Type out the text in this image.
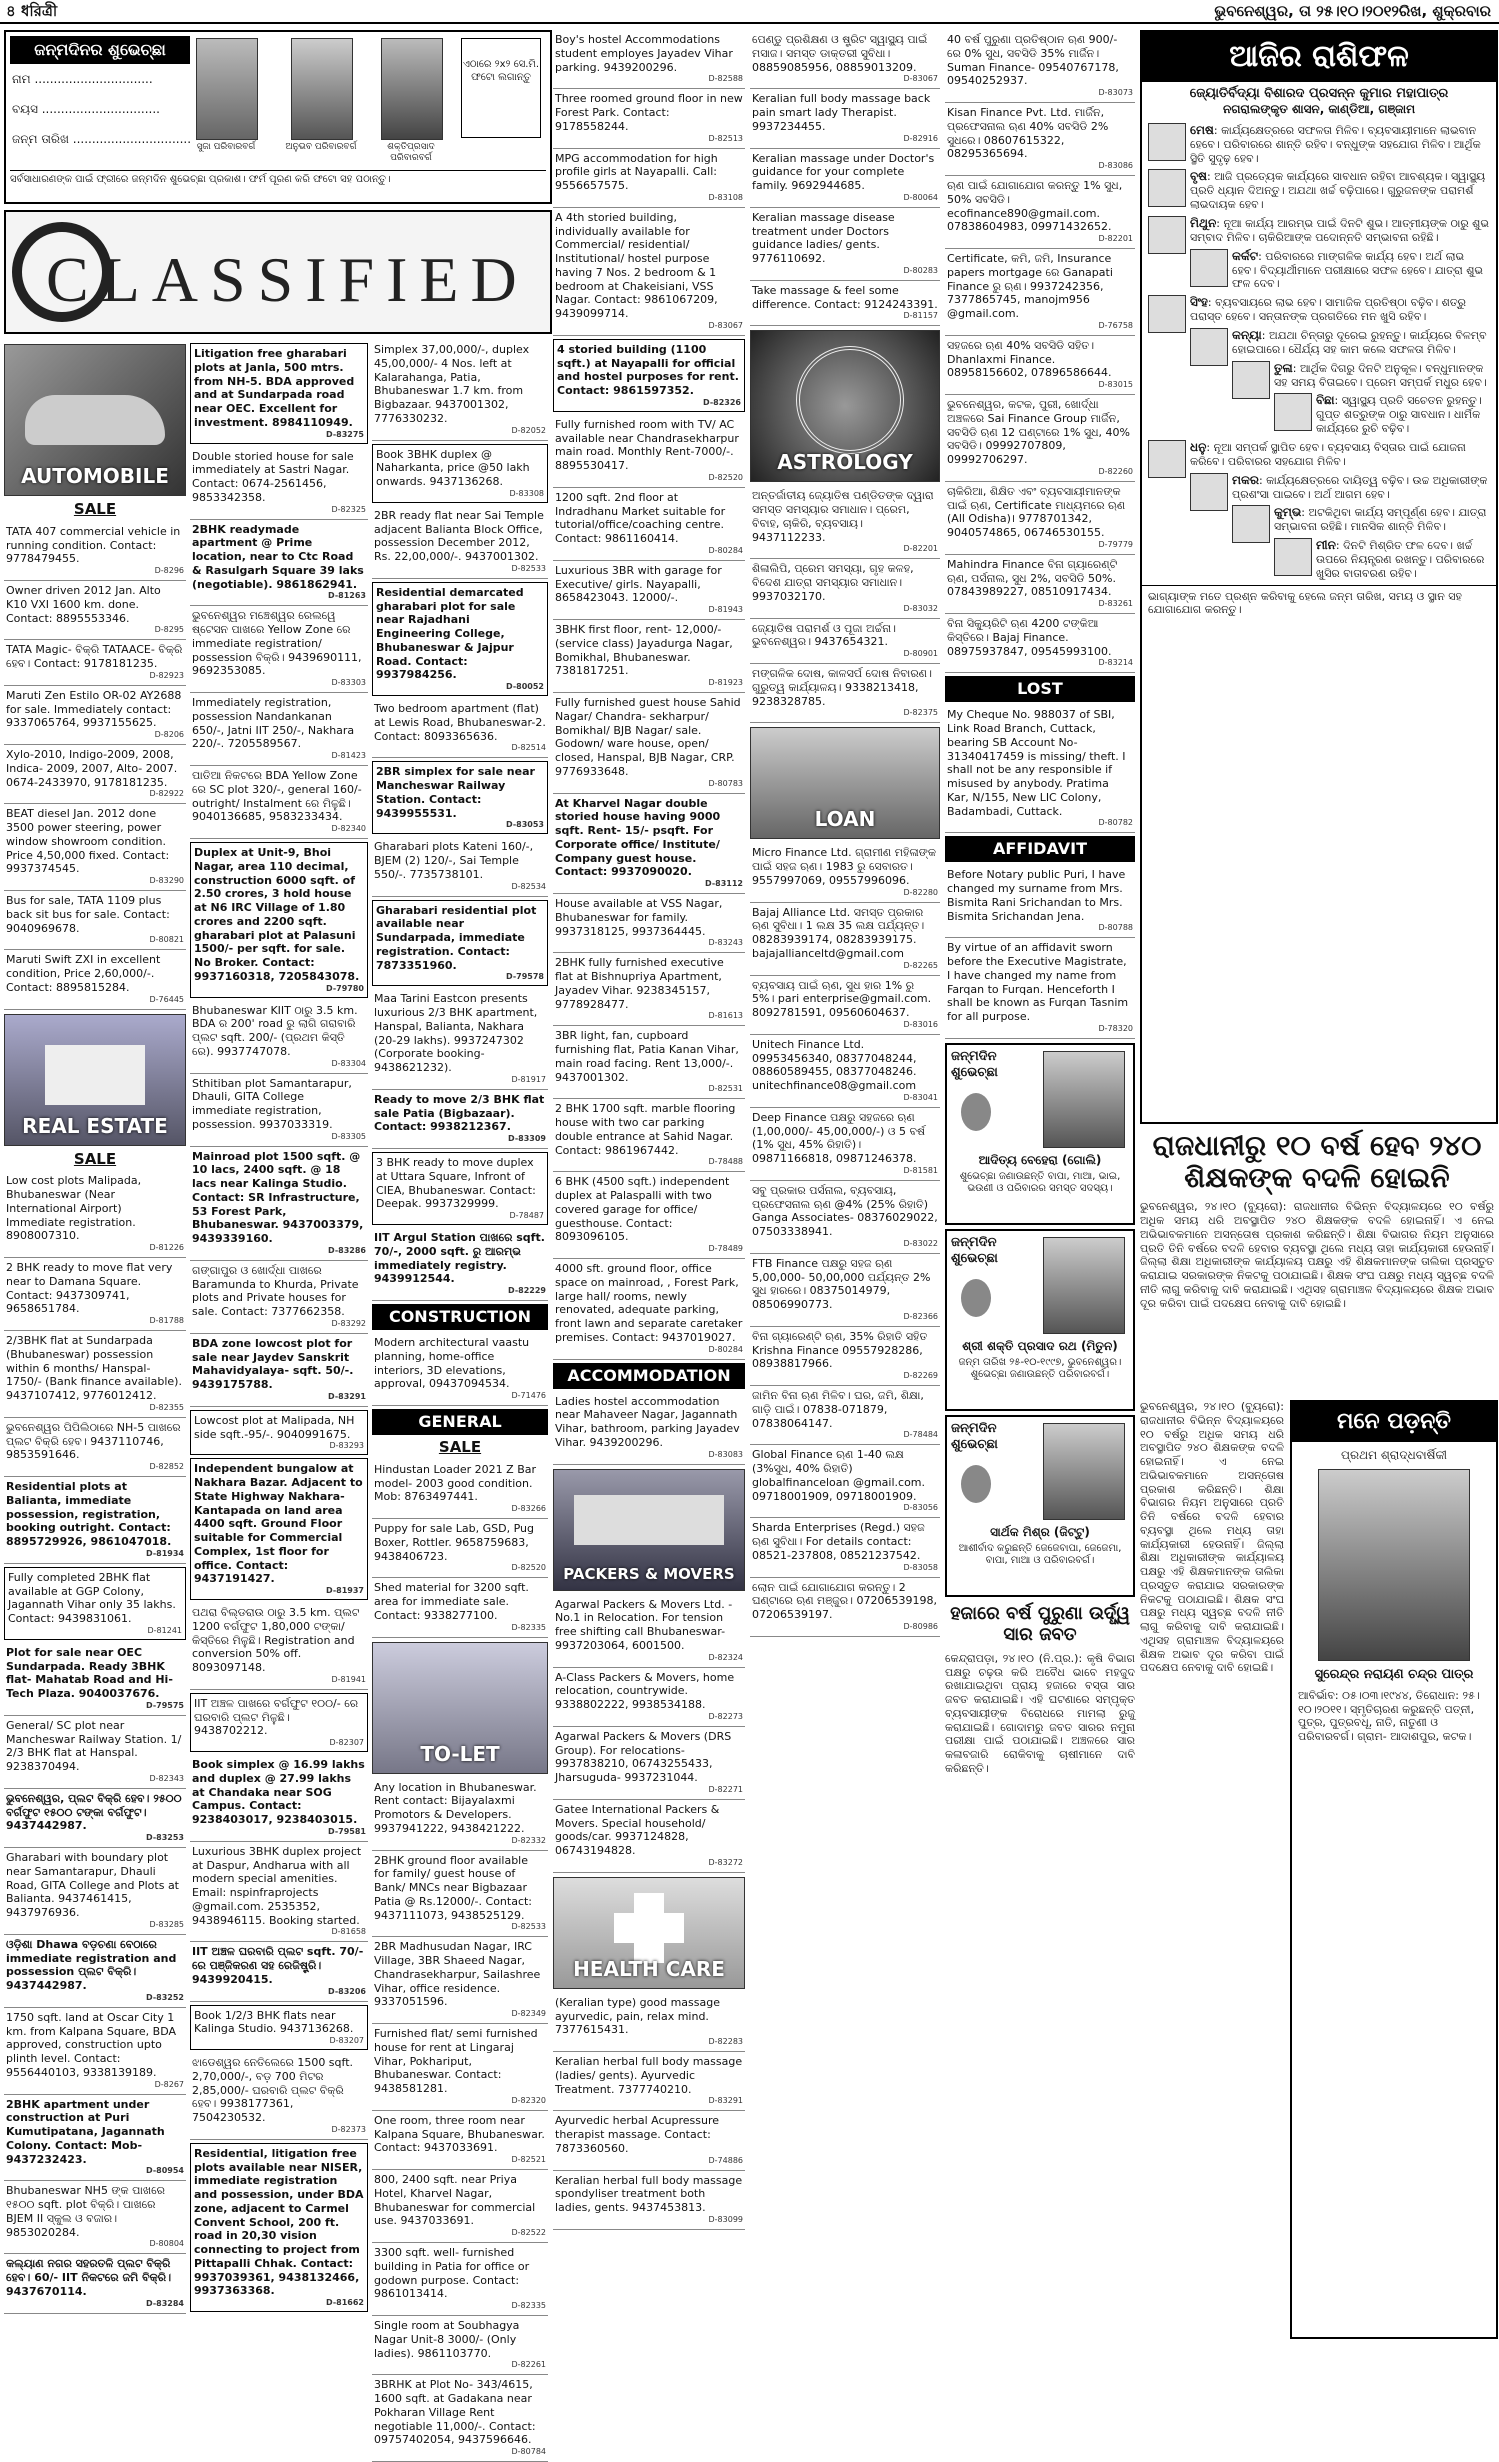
৪ ধরিত্রী	ଭୁବନେଶ୍ୱର, ତା ୨୫।୧୦।୨୦୧୨ରିଖ, ଶୁକ୍ରବାର
ଜନ୍ମଦିନର ଶୁଭେଚ୍ଛା
ନାମ ...............................
ବୟସ ...............................
ଜନ୍ମ ତାରିଖ ...............................
ସୁଜା ପରିବାରବର୍ଗ	ଅନୁଭବ ପରିବାରବର୍ଗ	ଶକ୍ତିପ୍ରସାଦ ପରିବାରବର୍ଗ
ଏଠାରେ ୨x୨ ସେ.ମି. ଫଟୋ ଲଗାନ୍ତୁ
ସର୍ବସାଧାରଣଙ୍କ ପାଇଁ ଫ୍ରୀରେ ଜନ୍ମଦିନ ଶୁଭେଚ୍ଛା ପ୍ରକାଶ। ଫର୍ମ ପୂରଣ କରି ଫଟୋ ସହ ପଠାନ୍ତୁ।
CLASSIFIED
AUTOMOBILE
SALE
TATA 407 commercial vehicle in running condition. Contact: 9778479455.
D-8296
Owner driven 2012 Jan. Alto K10 VXI 1600 km. done. Contact: 8895553346.
D-8295
TATA Magic- ବିକ୍ରି TATAACE- ବିକ୍ରି ହେବ। Contact: 9178181235.
D-82923
Maruti Zen Estilo OR-02 AY2688 for sale. Immediately contact: 9337065764, 9937155625.
D-8206
Xylo-2010, Indigo-2009, 2008, Indica- 2009, 2007, Alto- 2007. 0674-2433970, 9178181235.
D-82922
BEAT diesel Jan. 2012 done 3500 power steering, power window showroom condition. Price 4,50,000 fixed. Contact: 9937374545.
D-83290
Bus for sale, TATA 1109 plus back sit bus for sale. Contact: 9040969678.
D-80821
Maruti Swift ZXI in excellent condition, Price 2,60,000/-. Contact: 8895815284.
D-76445
REAL ESTATE
SALE
Low cost plots Malipada, Bhubaneswar (Near International Airport) Immediate registration. 8908007310.
D-81226
2 BHK ready to move flat very near to Damana Square. Contact: 9437309741, 9658651784.
D-81788
2/3BHK flat at Sundarpada (Bhubaneswar) possession within 6 months/ Hanspal- 1750/- (Bank finance available). 9437107412, 9776012412.
D-82355
ଭୁବନେଶ୍ୱର ପିପିଲିଠାରେ NH-5 ପାଖରେ ପ୍ଲଟ ବିକ୍ରି ହେବ। 9437110746, 9853591646.
D-82852
Residential plots at Balianta, immediate possession, registration, booking outright. Contact: 8895729926, 9861047018.
D-81934
Fully completed 2BHK flat available at GGP Colony, Jagannath Vihar only 35 lakhs. Contact: 9439831061.
D-81241
Plot for sale near OEC Sundarpada. Ready 3BHK flat- Mahatab Road and Hi-Tech Plaza. 9040037676.
D-79575
General/ SC plot near Mancheswar Railway Station. 1/ 2/3 BHK flat at Hanspal. 9238370494.
D-82343
ଭୁବନେଶ୍ୱର, ପ୍ଲଟ ବିକ୍ରି ହେବ। ୨୫୦୦ ବର୍ଗଫୁଟ ୧୫୦୦ ଟଙ୍କା ବର୍ଗଫୁଟ। 9437442987.
D-83253
Gharabari with boundary plot near Samantarapur, Dhauli Road, GITA College and Plots at Balianta. 9437461415, 9437976936.
D-83285
ଓଡ଼ିଶା Dhawa ବଡ଼ଚଣା ବେଠାରେ immediate registration and possession ପ୍ଲଟ ବିକ୍ରି। 9437442987.
D-83252
1750 sqft. land at Oscar City 1 km. from Kalpana Square, BDA approved, construction upto plinth level. Contact: 9556440103, 9338139189.
D-8267
2BHK apartment under construction at Puri Kumutipatana, Jagannath Colony. Contact: Mob- 9437232423.
D-80954
Bhubaneswar NH5 ଙ୍କ ପାଖରେ ୧୫୦୦ sqft. plot ବିକ୍ରି। ପାଖରେ BJEM II ସ୍କୁଲ ଓ ବଜାର। 9853020284.
D-80804
କଲ୍ୟାଣ ନଗର ସହରତଳି ପ୍ଲଟ ବିକ୍ରି ହେବ। 60/- IIT ନିକଟରେ ଜମି ବିକ୍ରି। 9437670114.
D-83284
Litigation free gharabari plots at Janla, 500 mtrs. from NH-5. BDA approved and at Sundarpada road near OEC. Excellent for investment. 8984110949.
D-83275
Double storied house for sale immediately at Sastri Nagar. Contact: 0674-2561456, 9853342358.
D-82325
2BHK readymade apartment @ Prime location, near to Ctc Road & Rasulgarh Square 39 laks (negotiable). 9861862941.
D-81263
ଭୁବନେଶ୍ୱର ମଞ୍ଚେଶ୍ୱର ରେଲୱେ ଷ୍ଟେସନ ପାଖରେ Yellow Zone ରେ immediate registration/ possession ବିକ୍ରି। 9439690111, 9692353085.
D-83303
Immediately registration, possession Nandankanan 650/-, Jatni IIT 250/-, Nakhara 220/-. 7205589567.
D-81423
ପାତିଆ ନିକଟରେ BDA Yellow Zone ରେ SC plot 320/-, general 160/- outright/ Instalment ରେ ମିଳୁଛି। 9040136685, 9583233434.
D-82340
Duplex at Unit-9, Bhoi Nagar, area 110 decimal, construction 6000 sqft. of 2.50 crores, 3 hold house at N6 IRC Village of 1.80 crores and 2200 sqft. gharabari plot at Palasuni 1500/- per sqft. for sale. No Broker. Contact: 9937160318, 7205843078.
D-79780
Bhubaneswar KIIT ଠାରୁ 3.5 km. BDA ର 200' road ରୁ ଲାଗି ଗରାବାରି ପ୍ଲଟ sqft. 200/- (ପ୍ରଥମ କିସ୍ତି ରେ). 9937747078.
D-83304
Sthitiban plot Samantarapur, Dhauli, GITA College immediate registration, possession. 9937033319.
D-83305
Mainroad plot 1500 sqft. @ 10 lacs, 2400 sqft. @ 18 lacs near Kalinga Studio. Contact: SR Infrastructure, 53 Forest Park, Bhubaneswar. 9437003379, 9439339160.
D-83286
ଗଙ୍ଗାପୁର ଓ ଖୋର୍ଦ୍ଧା ପାଖରେ Baramunda to Khurda, Private plots and Private houses for sale. Contact: 7377662358.
D-83292
BDA zone lowcost plot for sale near Jaydev Sanskrit Mahavidyalaya- sqft. 50/-. 9439175788.
D-83291
Lowcost plot at Malipada, NH side sqft.-95/-. 9040991675.
D-83293
Independent bungalow at Nakhara Bazar. Adjacent to State Highway Nakhara-Kantapada on land area 4400 sqft. Ground Floor suitable for Commercial Complex, 1st floor for office. Contact: 9437191427.
D-81937
ପଥରା ବିଲ୍ଡରାଉ ଠାରୁ 3.5 km. ପ୍ଲଟ 1200 ବର୍ଗଫୁଟ 1,80,000 ଟଙ୍କା/ କିସ୍ତିରେ ମିଳୁଛି। Registration and conversion 50% off. 8093097148.
D-81941
IIT ଅଞ୍ଚଳ ପାଖରେ ବର୍ଗଫୁଟ ୧୦୦/- ରେ ଘରବାରି ପ୍ଲଟ ମିଳୁଛି। 9438702212.
D-82307
Book simplex @ 16.99 lakhs and duplex @ 27.99 lakhs at Chandaka near SOG Campus. Contact: 9238403017, 9238403015.
D-79581
Luxurious 3BHK duplex project at Daspur, Andharua with all modern special amenities. Email: nspinfraprojects @gmail.com. 2535352, 9438946115. Booking started.
D-81658
IIT ଅଞ୍ଚଳ ଘରବାରି ପ୍ଲଟ sqft. 70/-ରେ ପଞ୍ଜିକରଣ ସହ ରେଜିଷ୍ଟ୍ରି। 9439920415.
D-83206
Book 1/2/3 BHK flats near Kalinga Studio. 9437136268.
D-83207
ଝାଡେଶ୍ୱର ନେତିଲେରେ 1500 sqft. 2,70,000/-, ବଡ଼ 700 ମିଟର 2,85,000/- ଘରବାରି ପ୍ଲଟ ବିକ୍ରି ହେବ। 9938177361, 7504230532.
D-82373
Residential, litigation free plots available near NISER, immediate registration and possession, under BDA zone, adjacent to Carmel Convent School, 200 ft. road in 20,30 vision connecting to project from Pittapalli Chhak. Contact: 9937039361, 9438132466, 9937363368.
D-81662
Simplex 37,00,000/-, duplex 45,00,000/- 4 Nos. left at Kalarahanga, Patia, Bhubaneswar 1.7 km. from Bigbazaar. 9437001302, 7776330232.
D-82052
Book 3BHK duplex @ Naharkanta, price @50 lakh onwards. 9437136268.
D-83308
2BR ready flat near Sai Temple adjacent Balianta Block Office, possession December 2012, Rs. 22,00,000/-. 9437001302.
D-82533
Residential demarcated gharabari plot for sale near Rajadhani Engineering College, Bhubaneswar & Jajpur Road. Contact: 9937984256.
D-80052
Two bedroom apartment (flat) at Lewis Road, Bhubaneswar-2. Contact: 8093365636.
D-82514
2BR simplex for sale near Mancheswar Railway Station. Contact: 9439955531.
D-83053
Gharabari plots Kateni 160/-, BJEM (2) 120/-, Sai Temple 550/-. 7735738101.
D-82534
Gharabari residential plot available near Sundarpada, immediate registration. Contact: 7873351960.
D-79578
Maa Tarini Eastcon presents luxurious 2/3 BHK apartment, Hanspal, Balianta, Nakhara (20-29 lakhs). 9937247302 (Corporate booking- 9438621232).
D-81917
Ready to move 2/3 BHK flat sale Patia (Bigbazaar). Contact: 9938212367.
D-83309
3 BHK ready to move duplex at Uttara Square, Infront of CIEA, Bhubaneswar. Contact: Deepak. 9937329999.
D-78487
IIT Argul Station ପାଖରେ sqft. 70/-, 2000 sqft. ରୁ ଆରମ୍ଭ immediately registry. 9439912544.
D-82229
CONSTRUCTION
Modern architectural vaastu planning, home-office interiors, 3D elevations, approval, 09437094534.
D-71476
GENERAL
SALE
Hindustan Loader 2021 Z Bar model- 2003 good condition. Mob: 8763497441.
D-83266
Puppy for sale Lab, GSD, Pug Boxer, Rottler. 9658759683, 9438406723.
D-82520
Shed material for 3200 sqft. area for immediate sale. Contact: 9338277100.
D-82335
TO-LET
Any location in Bhubaneswar. Rent contact: Bijayalaxmi Promotors & Developers. 9937941222, 9438421222.
D-82332
2BHK ground floor available for family/ guest house of Bank/ MNCs near Bigbazaar Patia @ Rs.12000/-. Contact: 9437111073, 9438525129.
D-82533
2BR Madhusudan Nagar, IRC Village, 3BR Shaeed Nagar, Chandrasekharpur, Sailashree Vihar, office residence. 9337051596.
D-82349
Furnished flat/ semi furnished house for rent at Lingaraj Vihar, Pokhariput, Bhubaneswar. Contact: 9438581281.
D-82320
One room, three room near Kalpana Square, Bhubaneswar. Contact: 9437033691.
D-82521
800, 2400 sqft. near Priya Hotel, Kharvel Nagar, Bhubaneswar for commercial use. 9437033691.
D-82522
3300 sqft. well- furnished building in Patia for office or godown purpose. Contact: 9861013414.
D-82335
Single room at Soubhagya Nagar Unit-8 3000/- (Only ladies). 9861103770.
D-82261
3BRHK at Plot No- 343/4615, 1600 sqft. at Gadakana near Pokharan Village Rent negotiable 11,000/-. Contact: 09757402054, 9437596646.
D-80784
Boy's hostel Accommodations student employes Jayadev Vihar parking. 9439200296.
D-82588
Three roomed ground floor in new Forest Park. Contact: 9178558244.
D-82513
MPG accommodation for high profile girls at Nayapalli. Call: 9556657575.
D-83108
A 4th storied building, individually available for Commercial/ residential/ Institutional/ hostel purpose having 7 Nos. 2 bedroom & 1 bedroom at Chakeisiani, VSS Nagar. Contact: 9861067209, 9439099714.
D-83067
4 storied building (1100 sqft.) at Nayapalli for official and hostel purposes for rent. Contact: 9861597352.
D-82326
Fully furnished room with TV/ AC available near Chandrasekharpur main road. Monthly Rent-7000/-. 8895530417.
D-82520
1200 sqft. 2nd floor at Indradhanu Market suitable for tutorial/office/coaching centre. Contact: 9861160414.
D-80284
Luxurious 3BR with garage for Executive/ girls. Nayapalli, 8658423043. 12000/-.
D-81943
3BHK first floor, rent- 12,000/- (service class) Jayadurga Nagar, Bomikhal, Bhubaneswar. 7381817251.
D-81923
Fully furnished guest house Sahid Nagar/ Chandra- sekharpur/ Bomikhal/ BJB Nagar/ sale. Godown/ ware house, open/ closed, Hanspal, BJB Nagar, CRP. 9776933648.
D-80783
At Kharvel Nagar double storied house having 9000 sqft. Rent- 15/- psqft. For Corporate office/ Institute/ Company guest house. Contact: 9937090020.
D-83112
House available at VSS Nagar, Bhubaneswar for family. 9937318125, 9937364445.
D-83243
2BHK fully furnished executive flat at Bishnupriya Apartment, Jayadev Vihar. 9238345157, 9778928477.
D-81613
3BR light, fan, cupboard furnishing flat, Patia Kanan Vihar, main road facing. Rent 13,000/-. 9437001302.
D-82531
2 BHK 1700 sqft. marble flooring house with two car parking double entrance at Sahid Nagar. Contact: 9861967442.
D-78488
6 BHK (4500 sqft.) independent duplex at Palaspalli with two covered garage for office/ guesthouse. Contact: 8093096105.
D-78489
4000 sft. ground floor, office space on mainroad, , Forest Park, large hall/ rooms, newly renovated, adequate parking, front lawn and separate caretaker premises. Contact: 9437019027.
D-80284
ACCOMMODATION
Ladies hostel accommodation near Mahaveer Nagar, Jagannath Vihar, bathroom, parking Jayadev Vihar. 9439200296.
D-83083
PACKERS & MOVERS
Agarwal Packers & Movers Ltd. - No.1 in Relocation. For tension free shifting call Bhubaneswar- 9937203064, 6001500.
D-82324
A-Class Packers & Movers, home relocation, countrywide. 9338802222, 9938534188.
D-82273
Agarwal Packers & Movers (DRS Group). For relocations- 9937838210, 06743255433, Jharsuguda- 9937231044.
D-82271
Gatee International Packers & Movers. Special household/ goods/car. 9937124828, 06743194828.
D-83272
HEALTH CARE
(Keralian type) good massage ayurvedic, pain, relax mind. 7377615431.
D-82283
Keralian herbal full body massage (ladies/ gents). Ayurvedic Treatment. 7377740210.
D-83291
Ayurvedic herbal Acupressure therapist massage. Contact: 7873360560.
D-74886
Keralian herbal full body massage spondyliser treatment both ladies, gents. 9437453813.
D-83099
ପେଣ୍ଡୁ ପ୍ରଶିକ୍ଷଣ ଓ ଷ୍ଟ୍ରିଟ ସ୍ୱାସ୍ଥ୍ୟ ପାଇଁ ମସାଜ। ସମସ୍ତ ଡାକ୍ତରୀ ସୁବିଧା। 08859085956, 08859013209.
D-83067
Keralian full body massage back pain smart lady Therapist. 9937234455.
D-82916
Keralian massage under Doctor's guidance for your complete family. 9692944685.
D-80064
Keralian massage disease treatment under Doctors guidance ladies/ gents. 9776110692.
D-80283
Take massage & feel some difference. Contact: 9124243391.
D-81157
ASTROLOGY
ଅନ୍ତର୍ଜାତୀୟ ଜ୍ୟୋତିଷ ପଣ୍ଡିତଙ୍କ ଦ୍ୱାରା ସମସ୍ତ ସମସ୍ୟାର ସମାଧାନ। ପ୍ରେମ, ବିବାହ, ଚାକିରି, ବ୍ୟବସାୟ। 9437112233.
D-82201
ଶିଳାଲିପି, ପ୍ରେମ ସମସ୍ୟା, ଗୃହ କଳହ, ବିଦେଶ ଯାତ୍ରା ସମସ୍ୟାର ସମାଧାନ। 9937032170.
D-83032
ଜ୍ୟୋତିଷ ପରାମର୍ଶ ଓ ପୂଜା ଅର୍ଚ୍ଚନା। ଭୁବନେଶ୍ୱର। 9437654321.
D-80901
ମଙ୍ଗଳିକ ଦୋଷ, କାଳସର୍ପ ଦୋଷ ନିବାରଣ। ଗୁରୁତ୍ୱ କାର୍ଯ୍ୟାଳୟ। 9338213418, 9238328785.
D-82375
LOAN
Micro Finance Ltd. ଗ୍ରାମୀଣ ମହିଳାଙ୍କ ପାଇଁ ସହଜ ଋଣ। 1983 ରୁ ସେବାରତ। 9557997069, 09557996096.
D-82280
Bajaj Alliance Ltd. ସମସ୍ତ ପ୍ରକାର ଋଣ ସୁବିଧା। 1 ଲକ୍ଷ 35 ଲକ୍ଷ ପର୍ଯ୍ୟନ୍ତ। 08283939174, 08283939175. bajajallianceltd@gmail.com
D-82265
ବ୍ୟବସାୟ ପାଇଁ ଋଣ, ସୁଧ ହାର 1% ରୁ 5%। pari enterprise@gmail.com. 8092781591, 09560604637.
D-83016
Unitech Finance Ltd. 09953456340, 08377048244, 08860589455, 08377048246. unitechfinance08@gmail.com
D-83041
Deep Finance ପକ୍ଷରୁ ସହଜରେ ଋଣ (1,00,000/- 45,00,000/-) ଓ 5 ବର୍ଷ (1% ସୁଧ, 45% ରିହାତି)। 09871166818, 09871246378.
D-81581
ସବୁ ପ୍ରକାର ପର୍ସନାଲ, ବ୍ୟବସାୟ, ପ୍ରଫେସନାଲ ଋଣ @4% (25% ରିହାତି) Ganga Associates- 08376029022, 07503338941.
D-83022
FTB Finance ପକ୍ଷରୁ ସହଜ ଋଣ 5,00,000- 50,00,000 ପର୍ଯ୍ୟନ୍ତ 2% ସୁଧ ହାରରେ। 08375014979, 08506990773.
D-82366
ବିନା ଗ୍ୟାରେଣ୍ଟି ଋଣ, 35% ରିହାତି ସହିତ Krishna Finance 09557928286, 08938817966.
D-82269
ଜାମିନ ବିନା ଋଣ ମିଳିବ। ଘର, ଜମି, ଶିକ୍ଷା, ଗାଡ଼ି ପାଇଁ। 07838-071879, 07838064147.
D-78484
Global Finance ଋଣ 1-40 ଲକ୍ଷ (3%ସୁଧ, 40% ରିହାତି) globalfinanceloan @gmail.com. 09718001909, 09718001909.
D-83056
Sharda Enterprises (Regd.) ସହଜ ଋଣ ସୁବିଧା। For details contact: 08521-237808, 08521237542.
D-83058
ଲୋନ ପାଇଁ ଯୋଗାଯୋଗ କରନ୍ତୁ। 2 ଘଣ୍ଟାରେ ଋଣ ମଞ୍ଜୁର। 07206539198, 07206539197.
D-80986
40 ବର୍ଷ ପୁରୁଣା ପ୍ରତିଷ୍ଠାନ ଋଣ 900/- ରେ 0% ସୁଧ, ସବସିଡି 35% ମାର୍ଜିନ। Suman Finance- 09540767178, 09540252937.
D-83073
Kisan Finance Pvt. Ltd. ମାର୍ଜିନ, ପ୍ରଫେସନାଲ ଋଣ 40% ସବସିଡି 2% ସୁଧରେ। 08607615322, 08295365694.
D-83086
ଋଣ ପାଇଁ ଯୋଗାଯୋଗ କରନ୍ତୁ 1% ସୁଧ, 50% ସବସିଡି। ecofinance890@gmail.com. 07838604983, 09971432652.
D-82201
Certificate, କମି, ଜମି, Insurance papers mortgage ରେ Ganapati Finance ରୁ ଋଣ। 9937242356, 7377865745, manojm956 @gmail.com.
D-76758
ସହଜରେ ଋଣ 40% ସବସିଡି ସହିତ। Dhanlaxmi Finance. 08958156602, 07896586644.
D-83015
ଭୁବନେଶ୍ୱର, କଟକ, ପୁରୀ, ଖୋର୍ଦ୍ଧା ଅଞ୍ଚଳରେ Sai Finance Group ମାର୍ଜିନ, ସବସିଡି ଋଣ 12 ଘଣ୍ଟାରେ 1% ସୁଧ, 40% ସବସିଡି। 09992707809, 09992706297.
D-82260
ଚାକିରିଆ, ଶିକ୍ଷିତ ଏବଂ ବ୍ୟବସାୟୀମାନଙ୍କ ପାଇଁ ଋଣ, Certificate ମାଧ୍ୟମରେ ଋଣ (All Odisha)। 9778701342, 9040574865, 06746530155.
D-79779
Mahindra Finance ବିନା ଗ୍ୟାରେଣ୍ଟି ଋଣ, ପର୍ସନାଲ, ସୁଧ 2%, ସବସିଡି 50%. 07843989227, 08510917434.
D-83261
ବିନା ସିକ୍ୟୁରିଟି ଋଣ 4200 ଟଙ୍କିଆ କିସ୍ତିରେ। Bajaj Finance. 08975937847, 09545993100.
D-83214
LOST
My Cheque No. 988037 of SBI, Link Road Branch, Cuttack, bearing SB Account No- 31340417459 is missing/ theft. I shall not be any responsible if misused by anybody. Pratima Kar, N/155, New LIC Colony, Badambadi, Cuttack.
D-80782
AFFIDAVIT
Before Notary public Puri, I have changed my surname from Mrs. Bismita Rani Srichandan to Mrs. Bismita Srichandan Jena.
D-80788
By virtue of an affidavit sworn before the Executive Magistrate, I have changed my name from Farqan to Furqan. Henceforth I shall be known as Furqan Tasnim for all purpose.
D-78320
ଜନ୍ମଦିନ ଶୁଭେଚ୍ଛା
ଆଦିତ୍ୟ ବେହେରା (ଗୋଲି)
ଶୁଭେଚ୍ଛା ଜଣାଉଛନ୍ତି ବାପା, ମାଆ, ଭାଇ, ଭଉଣୀ ଓ ପରିବାରର ସମସ୍ତ ସଦସ୍ୟ।
ଜନ୍ମଦିନ ଶୁଭେଚ୍ଛା
ଶ୍ରୀ ଶକ୍ତି ପ୍ରସାଦ ରଥ (ମିତୁନ)
ଜନ୍ମ ତାରିଖ ୨୫-୧୦-୧୯୯୭, ଭୁବନେଶ୍ୱର। ଶୁଭେଚ୍ଛା ଜଣାଉଛନ୍ତି ପରିବାରବର୍ଗ।
ଜନ୍ମଦିନ ଶୁଭେଚ୍ଛା
ସାର୍ଥକ ମିଶ୍ର (ଜିଟ୍ଟୁ)
ଆଶୀର୍ବାଦ କରୁଛନ୍ତି ଜେଜେବାପା, ଜେଜେମା, ବାପା, ମାଆ ଓ ପରିବାରବର୍ଗ।
ହଜାରେ ବର୍ଷ ପୁରୁଣା ଉର୍ଦ୍ଧ୍ୱ ସାର ଜବତ
କେନ୍ଦ୍ରାପଡ଼ା, ୨୪।୧୦ (ନି.ପ୍ର.): କୃଷି ବିଭାଗ ପକ୍ଷରୁ ଚଢ଼ଉ କରି ଅବୈଧ ଭାବେ ମହଜୁଦ ରଖାଯାଇଥିବା ପ୍ରାୟ ହଜାରେ ବସ୍ତା ସାର ଜବତ କରାଯାଇଛି। ଏହି ଘଟଣାରେ ସମ୍ପୃକ୍ତ ବ୍ୟବସାୟୀଙ୍କ ବିରୋଧରେ ମାମଲା ରୁଜୁ କରାଯାଇଛି। ଗୋଦାମରୁ ଜବତ ସାରର ନମୁନା ପରୀକ୍ଷା ପାଇଁ ପଠାଯାଇଛି। ଅଞ୍ଚଳରେ ସାର କଳାବଜାରି ରୋକିବାକୁ ଚାଷୀମାନେ ଦାବି କରିଛନ୍ତି।
ଆଜିର ରାଶିଫଳ
ଜ୍ୟୋତିର୍ବିଦ୍ୟା ବିଶାରଦ ପ୍ରସନ୍ନ କୁମାର ମହାପାତ୍ର
ନଗରାଲଙ୍କୃତ ଶାସନ, କାଣ୍ଡିଆ, ଗଞ୍ଜାମ

ମେଷ: କାର୍ଯ୍ୟକ୍ଷେତ୍ରରେ ସଫଳତା ମିଳିବ। ବ୍ୟବସାୟୀମାନେ ଲାଭବାନ ହେବେ। ପରିବାରରେ ଶାନ୍ତି ରହିବ। ବନ୍ଧୁଙ୍କ ସହଯୋଗ ମିଳିବ। ଆର୍ଥିକ ସ୍ଥିତି ସୁଦୃଢ଼ ହେବ।

ବୃଷ: ଆଜି ପ୍ରତ୍ୟେକ କାର୍ଯ୍ୟରେ ସାବଧାନ ରହିବା ଆବଶ୍ୟକ। ସ୍ୱାସ୍ଥ୍ୟ ପ୍ରତି ଧ୍ୟାନ ଦିଅନ୍ତୁ। ଅଯଥା ଖର୍ଚ୍ଚ ବଢ଼ିପାରେ। ଗୁରୁଜନଙ୍କ ପରାମର୍ଶ ଲାଭଦାୟକ ହେବ।

ମିଥୁନ: ନୂଆ କାର୍ଯ୍ୟ ଆରମ୍ଭ ପାଇଁ ଦିନଟି ଶୁଭ। ଆତ୍ମୀୟଙ୍କ ଠାରୁ ଶୁଭ ସମ୍ବାଦ ମିଳିବ। ଚାକିରିଆଙ୍କ ପଦୋନ୍ନତି ସମ୍ଭାବନା ରହିଛି।

କର୍କଟ: ପରିବାରରେ ମାଙ୍ଗଳିକ କାର୍ଯ୍ୟ ହେବ। ଅର୍ଥ ଲାଭ ହେବ। ବିଦ୍ୟାର୍ଥୀମାନେ ପରୀକ୍ଷାରେ ସଫଳ ହେବେ। ଯାତ୍ରା ଶୁଭ ଫଳ ଦେବ।

ସିଂହ: ବ୍ୟବସାୟରେ ଲାଭ ହେବ। ସାମାଜିକ ପ୍ରତିଷ୍ଠା ବଢ଼ିବ। ଶତ୍ରୁ ପରାସ୍ତ ହେବେ। ସନ୍ତାନଙ୍କ ପ୍ରଗତିରେ ମନ ଖୁସି ରହିବ।

କନ୍ୟା: ଅଯଥା ଚିନ୍ତାରୁ ଦୂରେଇ ରୁହନ୍ତୁ। କାର୍ଯ୍ୟରେ ବିଳମ୍ବ ହୋଇପାରେ। ଧୈର୍ଯ୍ୟ ସହ କାମ କଲେ ସଫଳତା ମିଳିବ।

ତୁଳା: ଆର୍ଥିକ ଦିଗରୁ ଦିନଟି ଅନୁକୂଳ। ବନ୍ଧୁମାନଙ୍କ ସହ ସମୟ ବିତାଇବେ। ପ୍ରେମ ସମ୍ପର୍କ ମଧୁର ହେବ।

ବିଛା: ସ୍ୱାସ୍ଥ୍ୟ ପ୍ରତି ସଚେତନ ରୁହନ୍ତୁ। ଗୁପ୍ତ ଶତ୍ରୁଙ୍କ ଠାରୁ ସାବଧାନ। ଧାର୍ମିକ କାର୍ଯ୍ୟରେ ରୁଚି ବଢ଼ିବ।

ଧନୁ: ନୂଆ ସମ୍ପର୍କ ସ୍ଥାପିତ ହେବ। ବ୍ୟବସାୟ ବିସ୍ତାର ପାଇଁ ଯୋଜନା କରିବେ। ପରିବାରର ସହଯୋଗ ମିଳିବ।

ମକର: କାର୍ଯ୍ୟକ୍ଷେତ୍ରରେ ଦାୟିତ୍ୱ ବଢ଼ିବ। ଉଚ୍ଚ ଅଧିକାରୀଙ୍କ ପ୍ରଶଂସା ପାଇବେ। ଅର୍ଥ ଆଗମ ହେବ।

କୁମ୍ଭ: ଅଟକିଥିବା କାର୍ଯ୍ୟ ସମ୍ପୂର୍ଣ୍ଣ ହେବ। ଯାତ୍ରା ସମ୍ଭାବନା ରହିଛି। ମାନସିକ ଶାନ୍ତି ମିଳିବ।

ମୀନ: ଦିନଟି ମିଶ୍ରିତ ଫଳ ଦେବ। ଖର୍ଚ୍ଚ ଉପରେ ନିୟନ୍ତ୍ରଣ ରଖନ୍ତୁ। ପରିବାରରେ ଖୁସିର ବାତାବରଣ ରହିବ।

ଭାଗ୍ୟାଙ୍କ ମତେ ପ୍ରଶ୍ନ କରିବାକୁ ହେଲେ ଜନ୍ମ ତାରିଖ, ସମୟ ଓ ସ୍ଥାନ ସହ ଯୋଗାଯୋଗ କରନ୍ତୁ।
ରାଜଧାନୀରୁ ୧୦ ବର୍ଷ ହେବ ୨୪୦ ଶିକ୍ଷକଙ୍କ ବଦଳି ହୋଇନି
ଭୁବନେଶ୍ୱର, ୨୪।୧୦ (ବ୍ୟୁରୋ): ରାଜଧାନୀର ବିଭିନ୍ନ ବିଦ୍ୟାଳୟରେ ୧୦ ବର୍ଷରୁ ଅଧିକ ସମୟ ଧରି ଅବସ୍ଥାପିତ ୨୪୦ ଶିକ୍ଷକଙ୍କ ବଦଳି ହୋଇନାହିଁ। ଏ ନେଇ ଅଭିଭାବକମାନେ ଅସନ୍ତୋଷ ପ୍ରକାଶ କରିଛନ୍ତି। ଶିକ୍ଷା ବିଭାଗର ନିୟମ ଅନୁସାରେ ପ୍ରତି ତିନି ବର୍ଷରେ ବଦଳି ହେବାର ବ୍ୟବସ୍ଥା ଥିଲେ ମଧ୍ୟ ତାହା କାର୍ଯ୍ୟକାରୀ ହେଉନାହିଁ। ଜିଲ୍ଲା ଶିକ୍ଷା ଅଧିକାରୀଙ୍କ କାର୍ଯ୍ୟାଳୟ ପକ୍ଷରୁ ଏହି ଶିକ୍ଷକମାନଙ୍କ ତାଲିକା ପ୍ରସ୍ତୁତ କରାଯାଇ ସରକାରଙ୍କ ନିକଟକୁ ପଠାଯାଇଛି। ଶିକ୍ଷକ ସଂଘ ପକ୍ଷରୁ ମଧ୍ୟ ସ୍ୱଚ୍ଛ ବଦଳି ନୀତି ଲାଗୁ କରିବାକୁ ଦାବି କରାଯାଇଛି। ଏଥିସହ ଗ୍ରାମାଞ୍ଚଳ ବିଦ୍ୟାଳୟରେ ଶିକ୍ଷକ ଅଭାବ ଦୂର କରିବା ପାଇଁ ପଦକ୍ଷେପ ନେବାକୁ ଦାବି ହୋଇଛି।
ମନେ ପଡ଼ନ୍ତି
ପ୍ରଥମ ଶ୍ରାଦ୍ଧବାର୍ଷିକୀ
ସୁରେନ୍ଦ୍ର ନରାୟଣ ଚନ୍ଦ୍ର ପାତ୍ର
ଆବିର୍ଭାବ: ୦୫।୦୩।୧୯୪୪, ତିରୋଧାନ: ୨୫।୧୦।୨୦୧୧। ସ୍ମୃତିଚାରଣ କରୁଛନ୍ତି ପତ୍ନୀ, ପୁତ୍ର, ପୁତ୍ରବଧୂ, ନାତି, ନାତୁଣୀ ଓ ପରିବାରବର୍ଗ। ଗ୍ରାମ- ଆଦାଶପୁର, କଟକ।
ଭୁବନେଶ୍ୱର, ୨୪।୧୦ (ବ୍ୟୁରୋ): ରାଜଧାନୀର ବିଭିନ୍ନ ବିଦ୍ୟାଳୟରେ ୧୦ ବର୍ଷରୁ ଅଧିକ ସମୟ ଧରି ଅବସ୍ଥାପିତ ୨୪୦ ଶିକ୍ଷକଙ୍କ ବଦଳି ହୋଇନାହିଁ। ଏ ନେଇ ଅଭିଭାବକମାନେ ଅସନ୍ତୋଷ ପ୍ରକାଶ କରିଛନ୍ତି। ଶିକ୍ଷା ବିଭାଗର ନିୟମ ଅନୁସାରେ ପ୍ରତି ତିନି ବର୍ଷରେ ବଦଳି ହେବାର ବ୍ୟବସ୍ଥା ଥିଲେ ମଧ୍ୟ ତାହା କାର୍ଯ୍ୟକାରୀ ହେଉନାହିଁ। ଜିଲ୍ଲା ଶିକ୍ଷା ଅଧିକାରୀଙ୍କ କାର୍ଯ୍ୟାଳୟ ପକ୍ଷରୁ ଏହି ଶିକ୍ଷକମାନଙ୍କ ତାଲିକା ପ୍ରସ୍ତୁତ କରାଯାଇ ସରକାରଙ୍କ ନିକଟକୁ ପଠାଯାଇଛି। ଶିକ୍ଷକ ସଂଘ ପକ୍ଷରୁ ମଧ୍ୟ ସ୍ୱଚ୍ଛ ବଦଳି ନୀତି ଲାଗୁ କରିବାକୁ ଦାବି କରାଯାଇଛି। ଏଥିସହ ଗ୍ରାମାଞ୍ଚଳ ବିଦ୍ୟାଳୟରେ ଶିକ୍ଷକ ଅଭାବ ଦୂର କରିବା ପାଇଁ ପଦକ୍ଷେପ ନେବାକୁ ଦାବି ହୋଇଛି।
